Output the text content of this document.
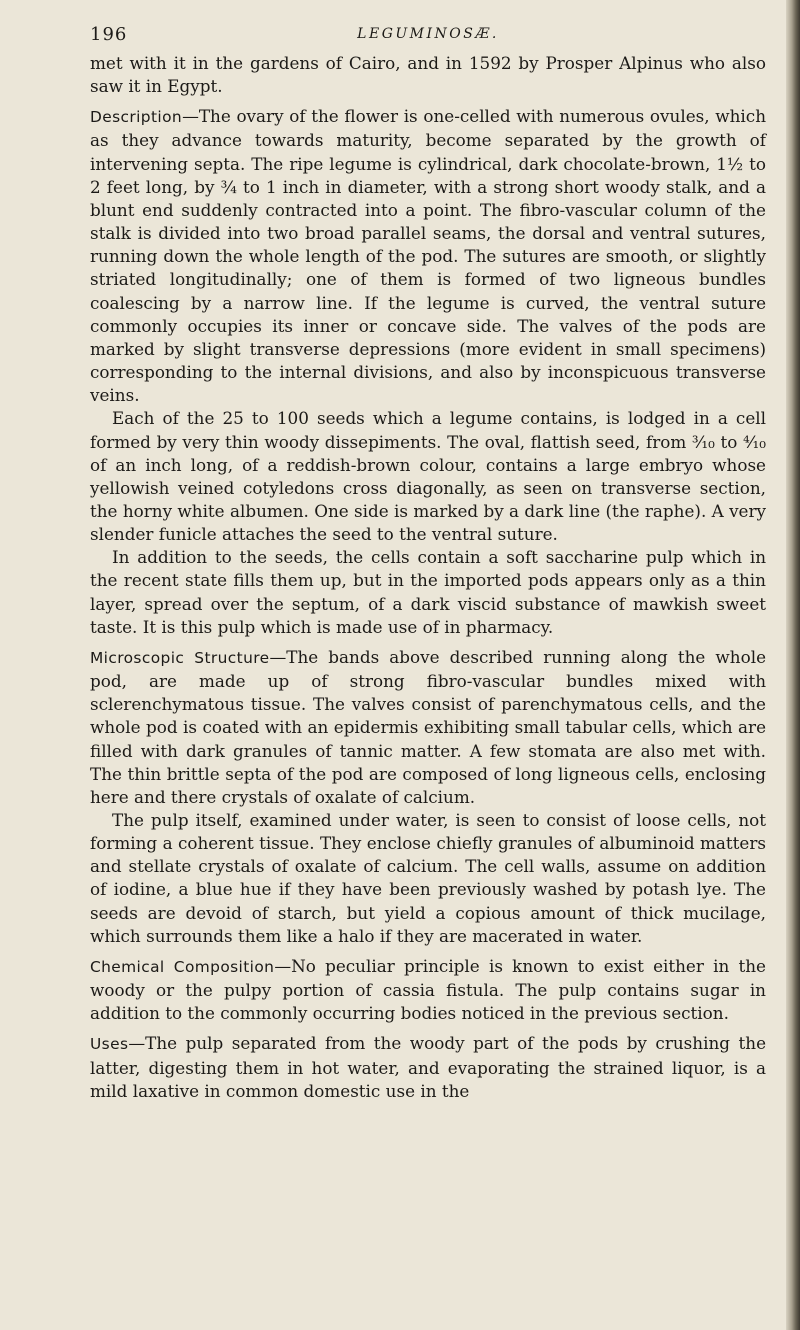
196	LEGUMINOSÆ.

met with it in the gardens of Cairo, and in 1592 by Prosper Alpinus who also saw it in Egypt.

Description—The ovary of the flower is one-celled with numerous ovules, which as they advance towards maturity, become separated by the growth of intervening septa. The ripe legume is cylindrical, dark chocolate-brown, 1½ to 2 feet long, by ¾ to 1 inch in diameter, with a strong short woody stalk, and a blunt end suddenly contracted into a point. The fibro-vascular column of the stalk is divided into two broad parallel seams, the dorsal and ventral sutures, running down the whole length of the pod. The sutures are smooth, or slightly striated longitudinally; one of them is formed of two ligneous bundles coalescing by a narrow line. If the legume is curved, the ventral suture commonly occupies its inner or concave side. The valves of the pods are marked by slight transverse depressions (more evident in small specimens) corresponding to the internal divisions, and also by inconspicuous transverse veins.

Each of the 25 to 100 seeds which a legume contains, is lodged in a cell formed by very thin woody dissepiments. The oval, flattish seed, from ³⁄₁₀ to ⁴⁄₁₀ of an inch long, of a reddish-brown colour, contains a large embryo whose yellowish veined cotyledons cross diagonally, as seen on transverse section, the horny white albumen. One side is marked by a dark line (the raphe). A very slender funicle attaches the seed to the ventral suture.

In addition to the seeds, the cells contain a soft saccharine pulp which in the recent state fills them up, but in the imported pods appears only as a thin layer, spread over the septum, of a dark viscid substance of mawkish sweet taste. It is this pulp which is made use of in pharmacy.

Microscopic Structure—The bands above described running along the whole pod, are made up of strong fibro-vascular bundles mixed with sclerenchymatous tissue. The valves consist of parenchymatous cells, and the whole pod is coated with an epidermis exhibiting small tabular cells, which are filled with dark granules of tannic matter. A few stomata are also met with. The thin brittle septa of the pod are composed of long ligneous cells, enclosing here and there crystals of oxalate of calcium.

The pulp itself, examined under water, is seen to consist of loose cells, not forming a coherent tissue. They enclose chiefly granules of albuminoid matters and stellate crystals of oxalate of calcium. The cell walls, assume on addition of iodine, a blue hue if they have been previously washed by potash lye. The seeds are devoid of starch, but yield a copious amount of thick mucilage, which surrounds them like a halo if they are macerated in water.

Chemical Composition—No peculiar principle is known to exist either in the woody or the pulpy portion of cassia fistula. The pulp contains sugar in addition to the commonly occurring bodies noticed in the previous section.

Uses—The pulp separated from the woody part of the pods by crushing the latter, digesting them in hot water, and evaporating the strained liquor, is a mild laxative in common domestic use in the
